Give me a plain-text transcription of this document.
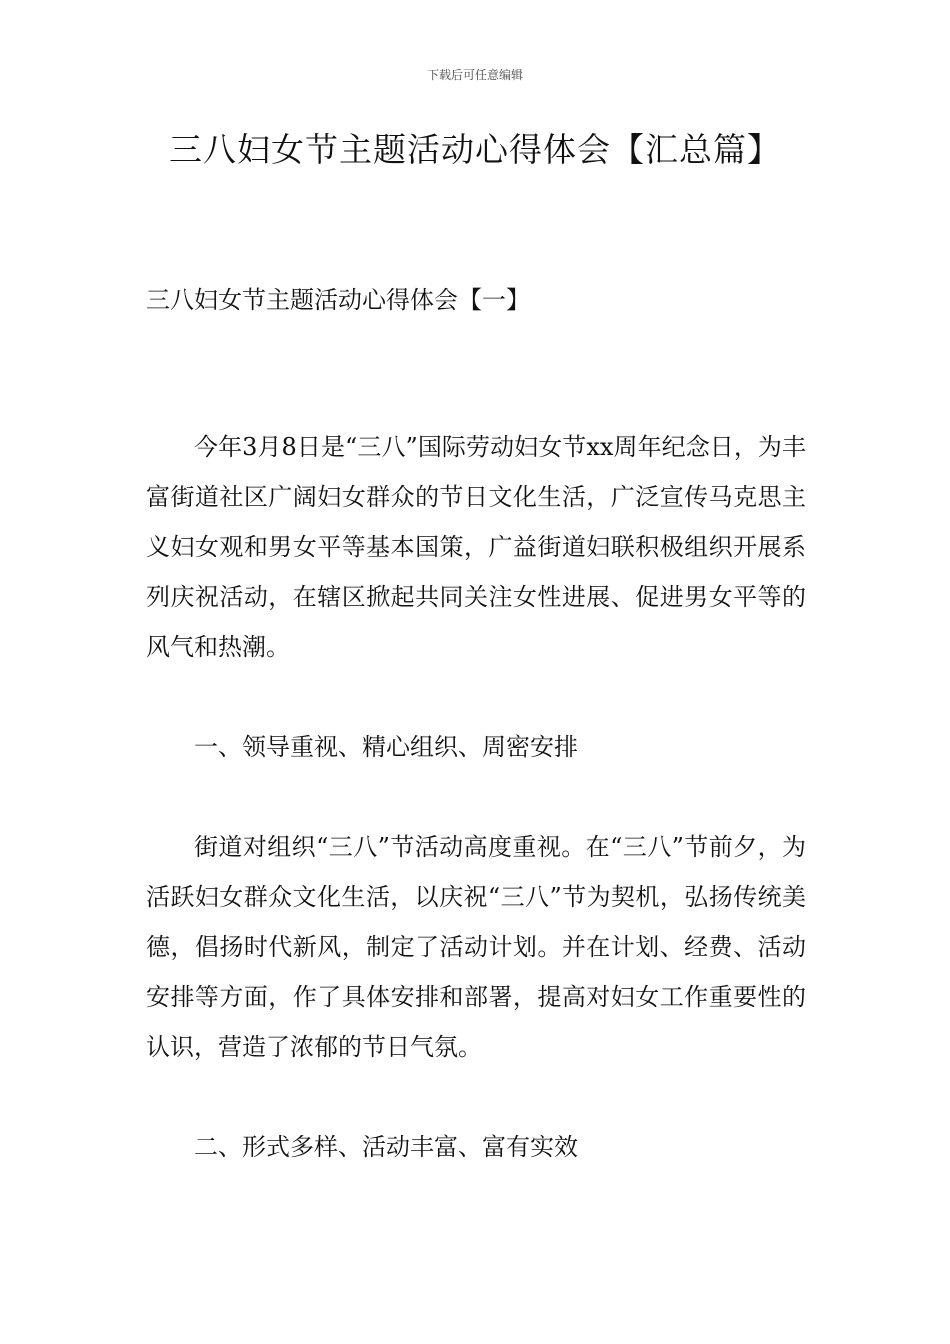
下载后可任意编辑
三八妇女节主题活动心得体会【汇总篇】
三八妇女节主题活动心得体会【一】

今年3月8日是“三八”国际劳动妇女节xx周年纪念日，为丰富街道社区广阔妇女群众的节日文化生活，广泛宣传马克思主义妇女观和男女平等基本国策，广益街道妇联积极组织开展系列庆祝活动，在辖区掀起共同关注女性进展、促进男女平等的风气和热潮。

一、领导重视、精心组织、周密安排

街道对组织“三八”节活动高度重视。在“三八”节前夕，为活跃妇女群众文化生活，以庆祝“三八”节为契机，弘扬传统美德，倡扬时代新风，制定了活动计划。并在计划、经费、活动安排等方面，作了具体安排和部署，提高对妇女工作重要性的认识，营造了浓郁的节日气氛。

二、形式多样、活动丰富、富有实效
